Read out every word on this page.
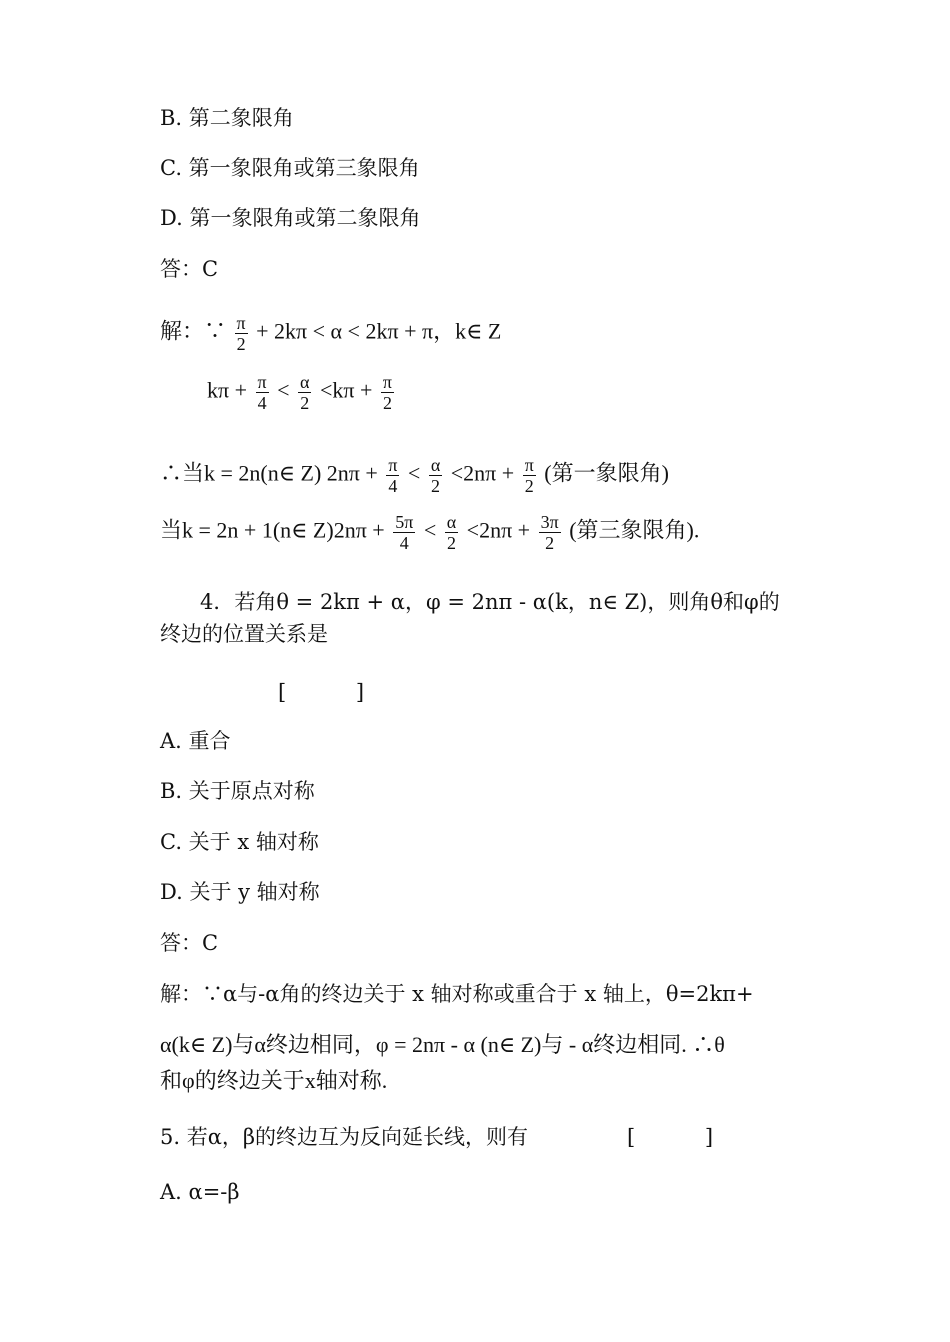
B. 第二象限角
C. 第一象限角或第三象限角
D. 第一象限角或第二象限角
答：C
解：∵ $\frac{\pi}{2} + 2k\pi < \alpha < 2k\pi + \pi$，k∈ Z
$k\pi + \frac{\pi}{4} < \frac{\alpha}{2} <k\pi + \frac{\pi}{2}$
∴当k = 2n(n∈ Z) $2n\pi + \frac{\pi}{4} < \frac{\alpha}{2} <2n\pi + \frac{\pi}{2}$ (第一象限角)
当k = 2n + 1(n∈ $Z)2n\pi + \frac{5\pi}{4} < \frac{\alpha}{2} <2n\pi + \frac{3\pi}{2}$ (第三象限角).
4．若角θ = 2kπ + α，φ = 2nπ - α(k，n∈ Z)，则角θ和φ的
终边的位置关系是
[　　　 ]
A. 重合
B. 关于原点对称
C. 关于 x 轴对称
D. 关于 y 轴对称
答：C
解：∵α与-α角的终边关于 x 轴对称或重合于 x 轴上，θ=2kπ+
α(k∈ Z)与α终边相同，φ = 2nπ - α (n∈ Z)与 - α终边相同. ∴θ
和φ的终边关于x轴对称.
5. 若α，β的终边互为反向延长线，则有	[　　　 ]
A. α=-β
